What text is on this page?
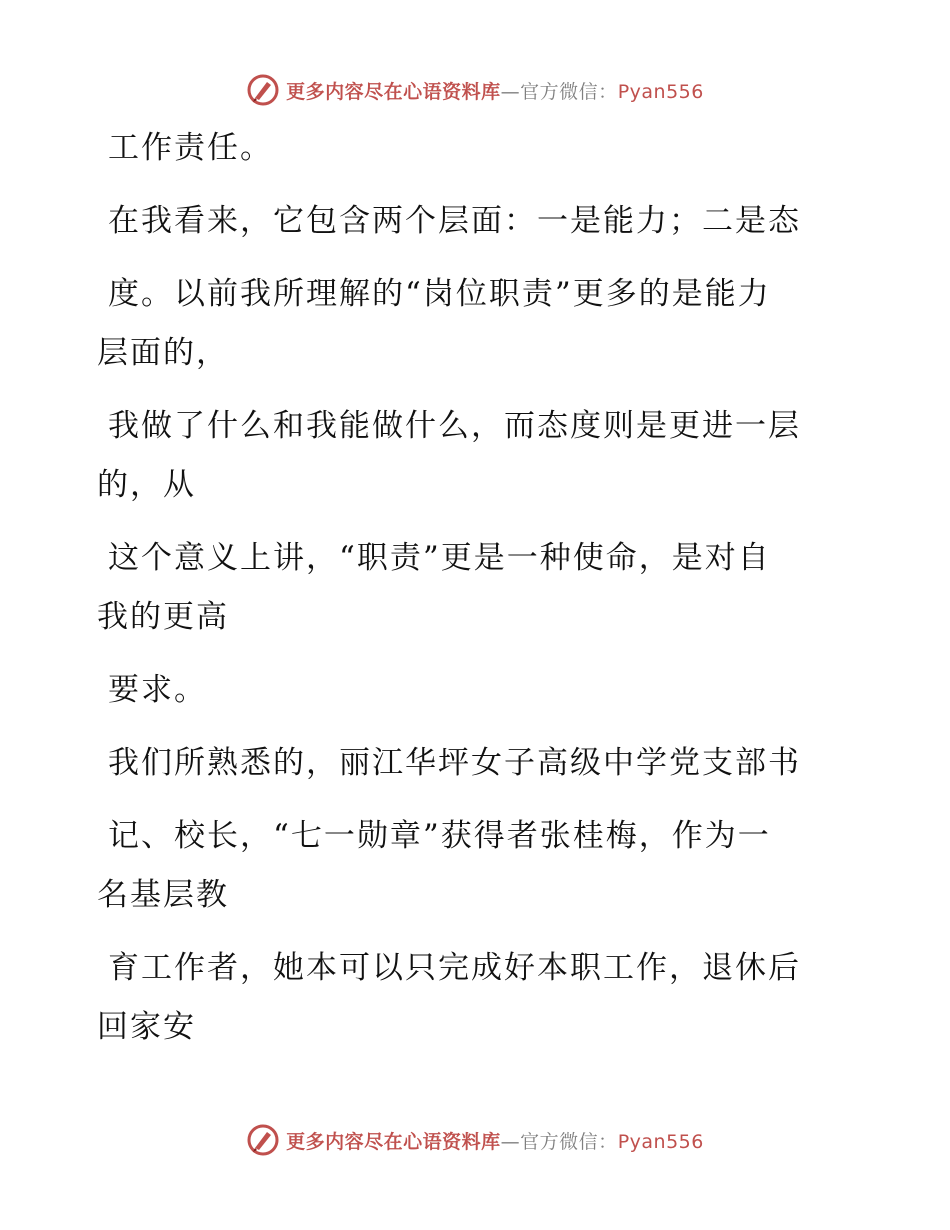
更多内容尽在心语资料库—官方微信：Pyan556
工作责任。
在我看来，它包含两个层面：一是能力；二是态
度。以前我所理解的“岗位职责”更多的是能力
层面的，
我做了什么和我能做什么，而态度则是更进一层
的，从
这个意义上讲，“职责”更是一种使命，是对自
我的更高
要求。
我们所熟悉的，丽江华坪女子高级中学党支部书
记、校长，“七一勋章”获得者张桂梅，作为一
名基层教
育工作者，她本可以只完成好本职工作，退休后
回家安
更多内容尽在心语资料库—官方微信：Pyan556
